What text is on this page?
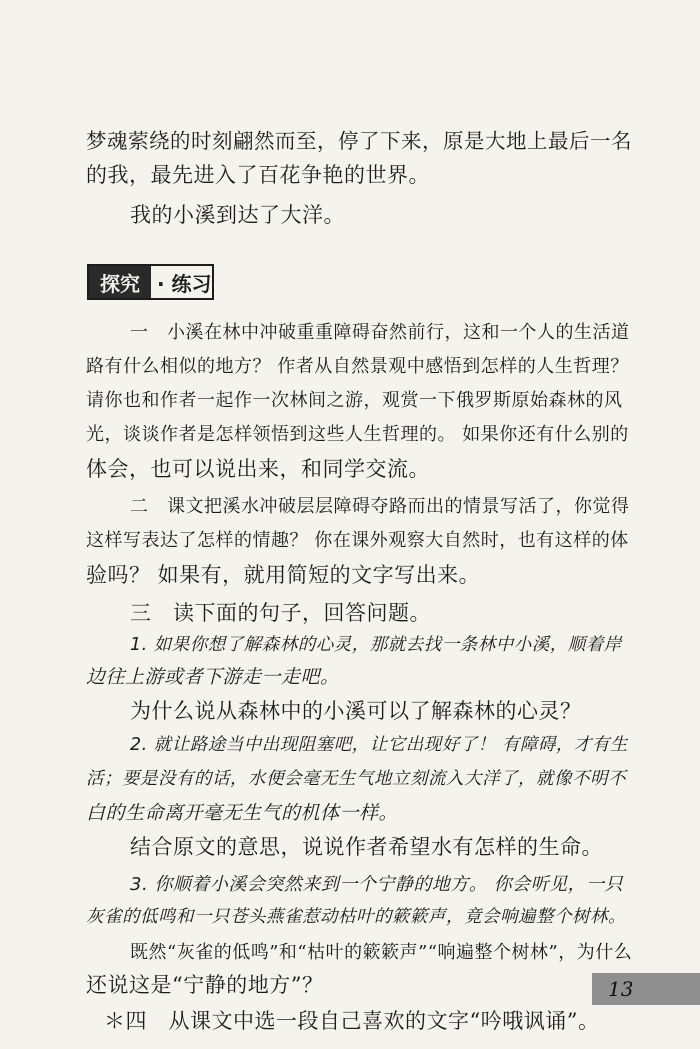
梦魂萦绕的时刻翩然而至，停了下来，原是大地上最后一名

的我，最先进入了百花争艳的世界。

我的小溪到达了大洋。

探究 · 练习

一　小溪在林中冲破重重障碍奋然前行，这和一个人的生活道

路有什么相似的地方？ 作者从自然景观中感悟到怎样的人生哲理？

请你也和作者一起作一次林间之游，观赏一下俄罗斯原始森林的风

光，谈谈作者是怎样领悟到这些人生哲理的。 如果你还有什么别的

体会，也可以说出来，和同学交流。

二　课文把溪水冲破层层障碍夺路而出的情景写活了，你觉得

这样写表达了怎样的情趣？ 你在课外观察大自然时，也有这样的体

验吗？ 如果有，就用简短的文字写出来。

三　读下面的句子，回答问题。

1. 如果你想了解森林的心灵，那就去找一条林中小溪，顺着岸

边往上游或者下游走一走吧。

为什么说从森林中的小溪可以了解森林的心灵？

2. 就让路途当中出现阻塞吧，让它出现好了！ 有障碍，才有生

活；要是没有的话，水便会毫无生气地立刻流入大洋了，就像不明不

白的生命离开毫无生气的机体一样。

结合原文的意思，说说作者希望水有怎样的生命。

3. 你顺着小溪会突然来到一个宁静的地方。 你会听见，一只

灰雀的低鸣和一只苍头燕雀惹动枯叶的簌簌声，竟会响遍整个树林。

既然“灰雀的低鸣”和“枯叶的簌簌声”“响遍整个树林”，为什么

还说这是“宁静的地方”？

＊四　从课文中选一段自己喜欢的文字“吟哦讽诵”。

13
